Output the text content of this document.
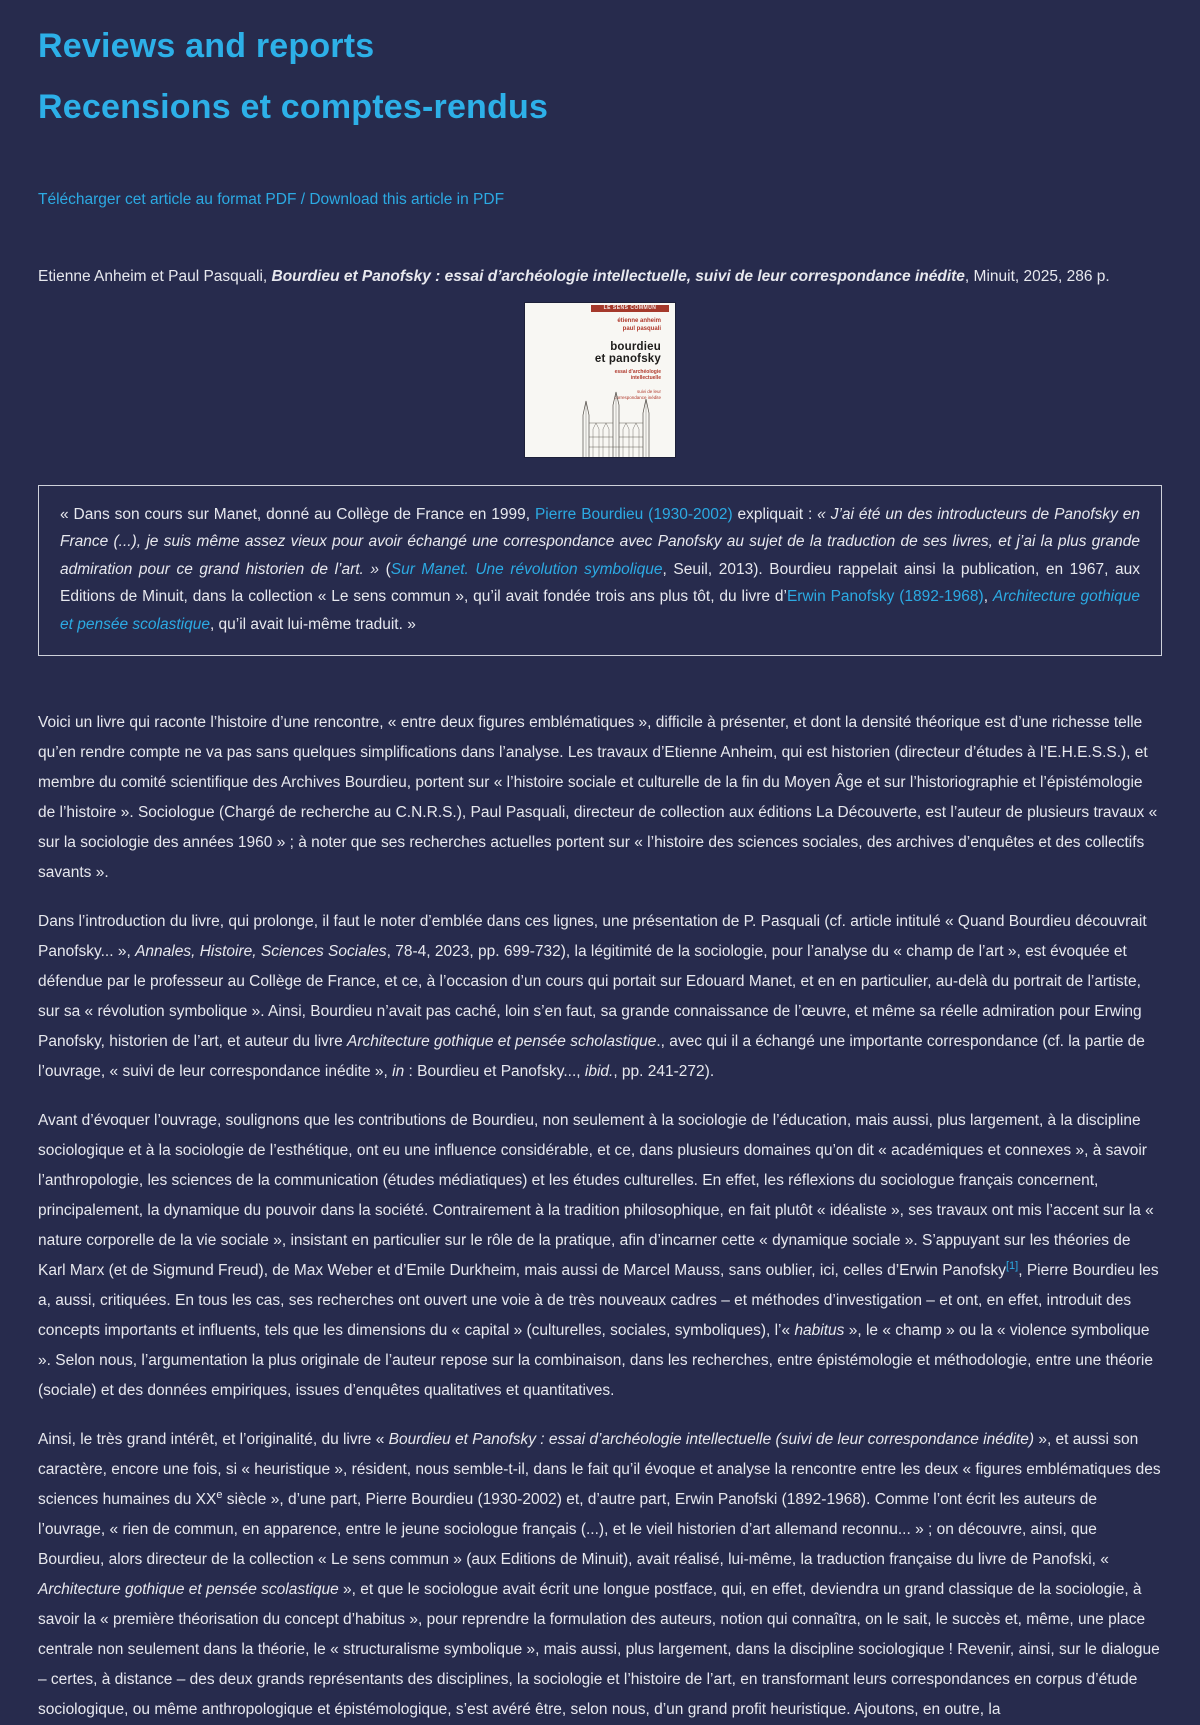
Reviews and reports
Recensions et comptes-rendus
Télécharger cet article au format PDF / Download this article in PDF

Etienne Anheim et Paul Pasquali, Bourdieu et Panofsky : essai d’archéologie intellectuelle, suivi de leur correspondance inédite, Minuit, 2025, 286 p.

LE SENS COMMUN
étienne anheim
paul pasquali
bourdieu
et panofsky
essai d’archéologie
intellectuelle
suivi de leur
correspondance inédite
« Dans son cours sur Manet, donné au Collège de France en 1999, Pierre Bourdieu (1930-2002) expliquait : « J’ai été un des introducteurs de Panofsky en France (...), je suis même assez vieux pour avoir échangé une correspondance avec Panofsky au sujet de la traduction de ses livres, et j’ai la plus grande admiration pour ce grand historien de l’art. » (Sur Manet. Une révolution symbolique, Seuil, 2013). Bourdieu rappelait ainsi la publication, en 1967, aux Editions de Minuit, dans la collection « Le sens commun », qu’il avait fondée trois ans plus tôt, du livre d’Erwin Panofsky (1892-1968), Architecture gothique et pensée scolastique, qu’il avait lui-même traduit. »

Voici un livre qui raconte l’histoire d’une rencontre, « entre deux figures emblématiques », difficile à présenter, et dont la densité théorique est d’une richesse telle qu’en rendre compte ne va pas sans quelques simplifications dans l’analyse. Les travaux d’Etienne Anheim, qui est historien (directeur d’études à l’E.H.E.S.S.), et membre du comité scientifique des Archives Bourdieu, portent sur « l’histoire sociale et culturelle de la fin du Moyen Âge et sur l’historiographie et l’épistémologie de l’histoire ». Sociologue (Chargé de recherche au C.N.R.S.), Paul Pasquali, directeur de collection aux éditions La Découverte, est l’auteur de plusieurs travaux « sur la sociologie des années 1960 » ; à noter que ses recherches actuelles portent sur « l’histoire des sciences sociales, des archives d’enquêtes et des collectifs savants ».

Dans l’introduction du livre, qui prolonge, il faut le noter d’emblée dans ces lignes, une présentation de P. Pasquali (cf. article intitulé « Quand Bourdieu découvrait Panofsky... », Annales, Histoire, Sciences Sociales, 78-4, 2023, pp. 699-732), la légitimité de la sociologie, pour l’analyse du « champ de l’art », est évoquée et défendue par le professeur au Collège de France, et ce, à l’occasion d’un cours qui portait sur Edouard Manet, et en en particulier, au-delà du portrait de l’artiste, sur sa « révolution symbolique ». Ainsi, Bourdieu n’avait pas caché, loin s’en faut, sa grande connaissance de l’œuvre, et même sa réelle admiration pour Erwing Panofsky, historien de l’art, et auteur du livre Architecture gothique et pensée scholastique., avec qui il a échangé une importante correspondance (cf. la partie de l’ouvrage, « suivi de leur correspondance inédite », in : Bourdieu et Panofsky..., ibid., pp. 241-272).

Avant d’évoquer l’ouvrage, soulignons que les contributions de Bourdieu, non seulement à la sociologie de l’éducation, mais aussi, plus largement, à la discipline sociologique et à la sociologie de l’esthétique, ont eu une influence considérable, et ce, dans plusieurs domaines qu’on dit « académiques et connexes », à savoir l’anthropologie, les sciences de la communication (études médiatiques) et les études culturelles. En effet, les réflexions du sociologue français concernent, principalement, la dynamique du pouvoir dans la société. Contrairement à la tradition philosophique, en fait plutôt « idéaliste », ses travaux ont mis l’accent sur la « nature corporelle de la vie sociale », insistant en particulier sur le rôle de la pratique, afin d’incarner cette « dynamique sociale ». S’appuyant sur les théories de Karl Marx (et de Sigmund Freud), de Max Weber et d’Emile Durkheim, mais aussi de Marcel Mauss, sans oublier, ici, celles d’Erwin Panofsky[1], Pierre Bourdieu les a, aussi, critiquées. En tous les cas, ses recherches ont ouvert une voie à de très nouveaux cadres – et méthodes d’investigation – et ont, en effet, introduit des concepts importants et influents, tels que les dimensions du « capital » (culturelles, sociales, symboliques), l’« habitus », le « champ » ou la « violence symbolique ». Selon nous, l’argumentation la plus originale de l’auteur repose sur la combinaison, dans les recherches, entre épistémologie et méthodologie, entre une théorie (sociale) et des données empiriques, issues d’enquêtes qualitatives et quantitatives.

Ainsi, le très grand intérêt, et l’originalité, du livre « Bourdieu et Panofsky : essai d’archéologie intellectuelle (suivi de leur correspondance inédite) », et aussi son caractère, encore une fois, si « heuristique », résident, nous semble-t-il, dans le fait qu’il évoque et analyse la rencontre entre les deux « figures emblématiques des sciences humaines du XXe siècle », d’une part, Pierre Bourdieu (1930-2002) et, d’autre part, Erwin Panofski (1892-1968). Comme l’ont écrit les auteurs de l’ouvrage, « rien de commun, en apparence, entre le jeune sociologue français (...), et le vieil historien d’art allemand reconnu... » ; on découvre, ainsi, que Bourdieu, alors directeur de la collection « Le sens commun » (aux Editions de Minuit), avait réalisé, lui-même, la traduction française du livre de Panofski, « Architecture gothique et pensée scolastique », et que le sociologue avait écrit une longue postface, qui, en effet, deviendra un grand classique de la sociologie, à savoir la « première théorisation du concept d’habitus », pour reprendre la formulation des auteurs, notion qui connaîtra, on le sait, le succès et, même, une place centrale non seulement dans la théorie, le « structuralisme symbolique », mais aussi, plus largement, dans la discipline sociologique ! Revenir, ainsi, sur le dialogue – certes, à distance – des deux grands représentants des disciplines, la sociologie et l’histoire de l’art, en transformant leurs correspondances en corpus d’étude sociologique, ou même anthropologique et épistémologique, s’est avéré être, selon nous, d’un grand profit heuristique. Ajoutons, en outre, la
